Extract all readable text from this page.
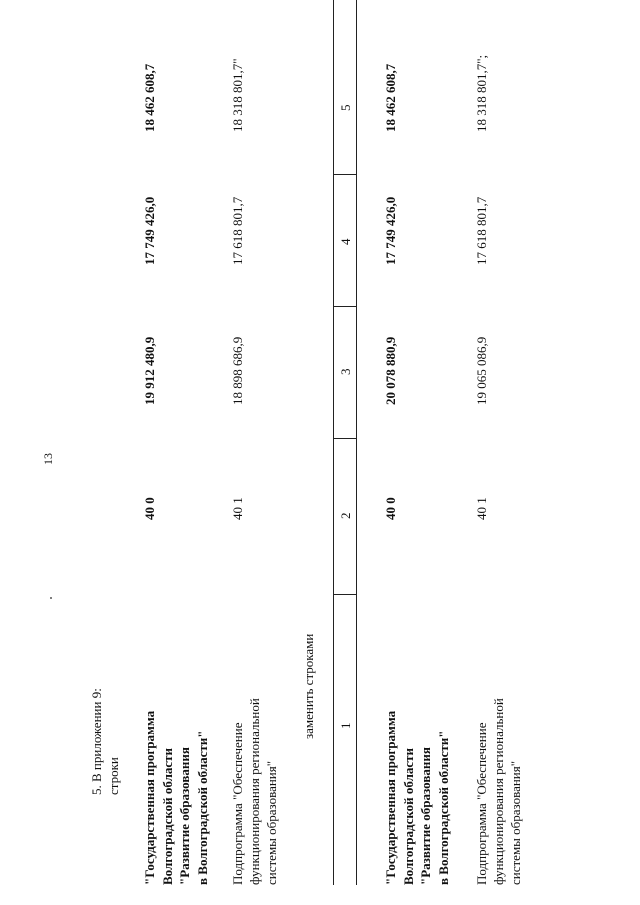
13
5. В приложении 9: строки "Государственная программа Волгоградской области "Развитие образования в Волгоградской области"
40 0
19 912 480,9
17 749 426,0
18 462 608,7
Подпрограмма "Обеспечение функционирования региональной системы образования"
40 1
18 898 686,9
17 618 801,7
18 318 801,7"
заменить строками 1
2
3
4
5
"Государственная программа Волгоградской области "Развитие образования в Волгоградской области"
40 0
20 078 880,9
17 749 426,0
18 462 608,7
Подпрограмма "Обеспечение функционирования региональной системы образования"
40 1
19 065 086,9
17 618 801,7
18 318 801,7";
